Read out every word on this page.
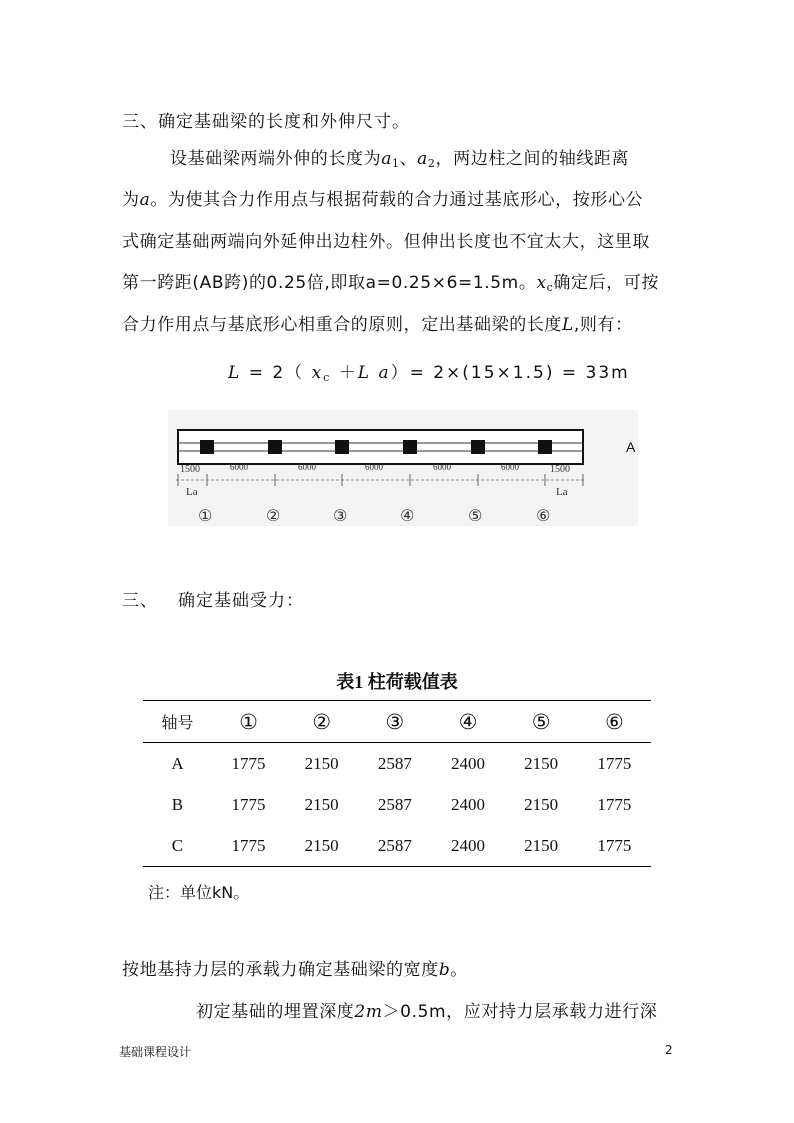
三、确定基础梁的长度和外伸尺寸。
设基础梁两端外伸的长度为$a_1$、$a_2$，两边柱之间的轴线距离
为a。为使其合力作用点与根据荷载的合力通过基底形心，按形心公
式确定基础两端向外延伸出边柱外。但伸出长度也不宜太大，这里取
第一跨距(AB跨)的0.25倍,即取a=0.25×6=1.5m。$x_c$确定后，可按
合力作用点与基底形心相重合的原则，定出基础梁的长度L,则有：
L = 2（ $x_c +L$ a）= 2×(15×1.5) = 33m
A
1500	6000	6000	6000	6000	6000	1500
La	La
①	②	③	④	⑤	⑥
三、 确定基础受力：
表1 柱荷载值表
轴号	①	②	③	④	⑤	⑥
A	1775	2150	2587	2400	2150	1775
B	1775	2150	2587	2400	2150	1775
C	1775	2150	2587	2400	2150	1775
注：单位kN。
按地基持力层的承载力确定基础梁的宽度b。
初定基础的埋置深度2m＞0.5m，应对持力层承载力进行深
基础课程设计	2
